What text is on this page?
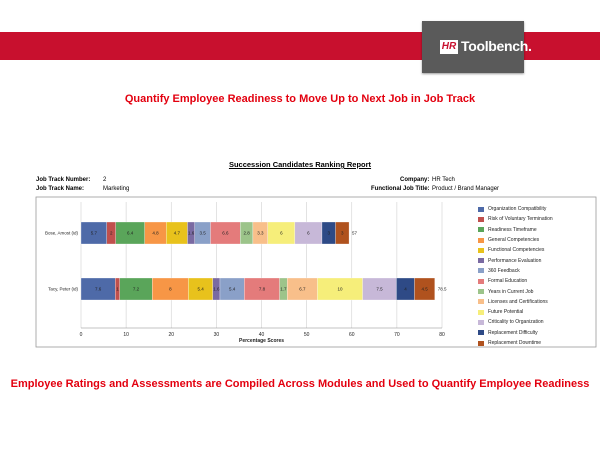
HR Toolbench.
Quantify Employee Readiness to Move Up to Next Job in Job Track
Succession Candidates Ranking Report
Job Track Number: 2
Job Track Name:	Marketing
Company: HR Tech
Functional Job Title: Product / Brand Manager
0	10	20	30	40	50	60	70	80
Percentage Scores
Bose, Amost (id)	5.7	2	6.4	4.8	4.7 1.6 3.5	6.6	2.8 3.3	6	6	3 3 57
Tacy, Peter (id)	7.6	1	7.2	8	5.4 1.6 5.4	7.8	1.7	6.7	10	7.5	4	4.5 78.5
Organization Compatibility
Risk of Voluntary Termination
Readiness Timeframe
General Competencies
Functional Competencies
Performance Evaluation
360 Feedback
Formal Education
Years in Current Job
Licenses and Certifications
Future Potential
Criticality to Organization
Replacement Difficulty
Replacement Downtime
Employee Ratings and Assessments are Compiled Across Modules and Used to Quantify Employee Readiness
